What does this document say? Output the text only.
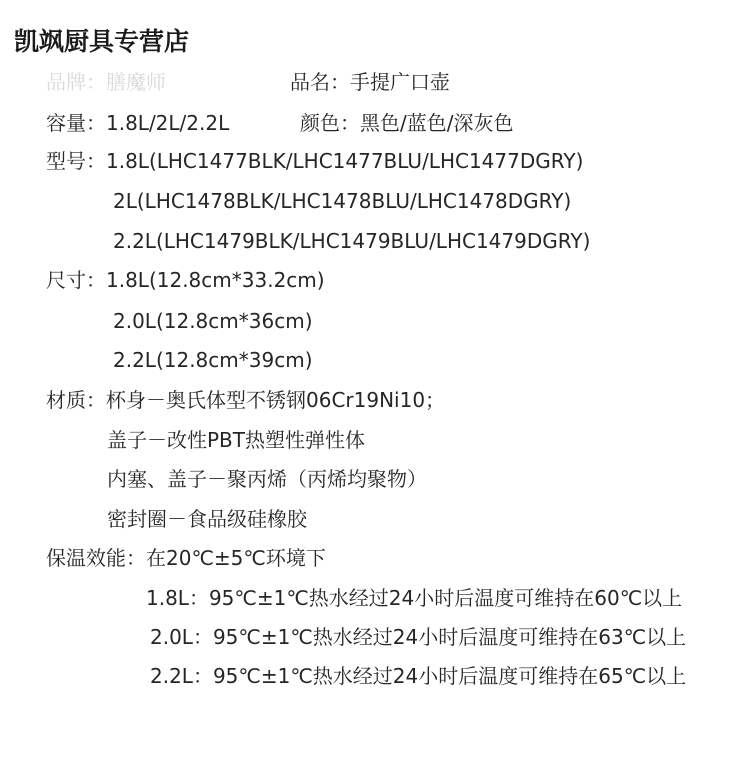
凯飒厨具专营店
品牌：膳魔师	品名：手提广口壶
容量：1.8L/2L/2.2L	颜色：黑色/蓝色/深灰色
型号：1.8L(LHC1477BLK/LHC1477BLU/LHC1477DGRY)
2L(LHC1478BLK/LHC1478BLU/LHC1478DGRY)
2.2L(LHC1479BLK/LHC1479BLU/LHC1479DGRY)
尺寸：1.8L(12.8cm*33.2cm)
2.0L(12.8cm*36cm)
2.2L(12.8cm*39cm)
材质：杯身－奥氏体型不锈钢06Cr19Ni10；
盖子－改性PBT热塑性弹性体
内塞、盖子－聚丙烯（丙烯均聚物）
密封圈－食品级硅橡胶
保温效能：在20℃±5℃环境下
1.8L：95℃±1℃热水经过24小时后温度可维持在60℃以上
2.0L：95℃±1℃热水经过24小时后温度可维持在63℃以上
2.2L：95℃±1℃热水经过24小时后温度可维持在65℃以上
